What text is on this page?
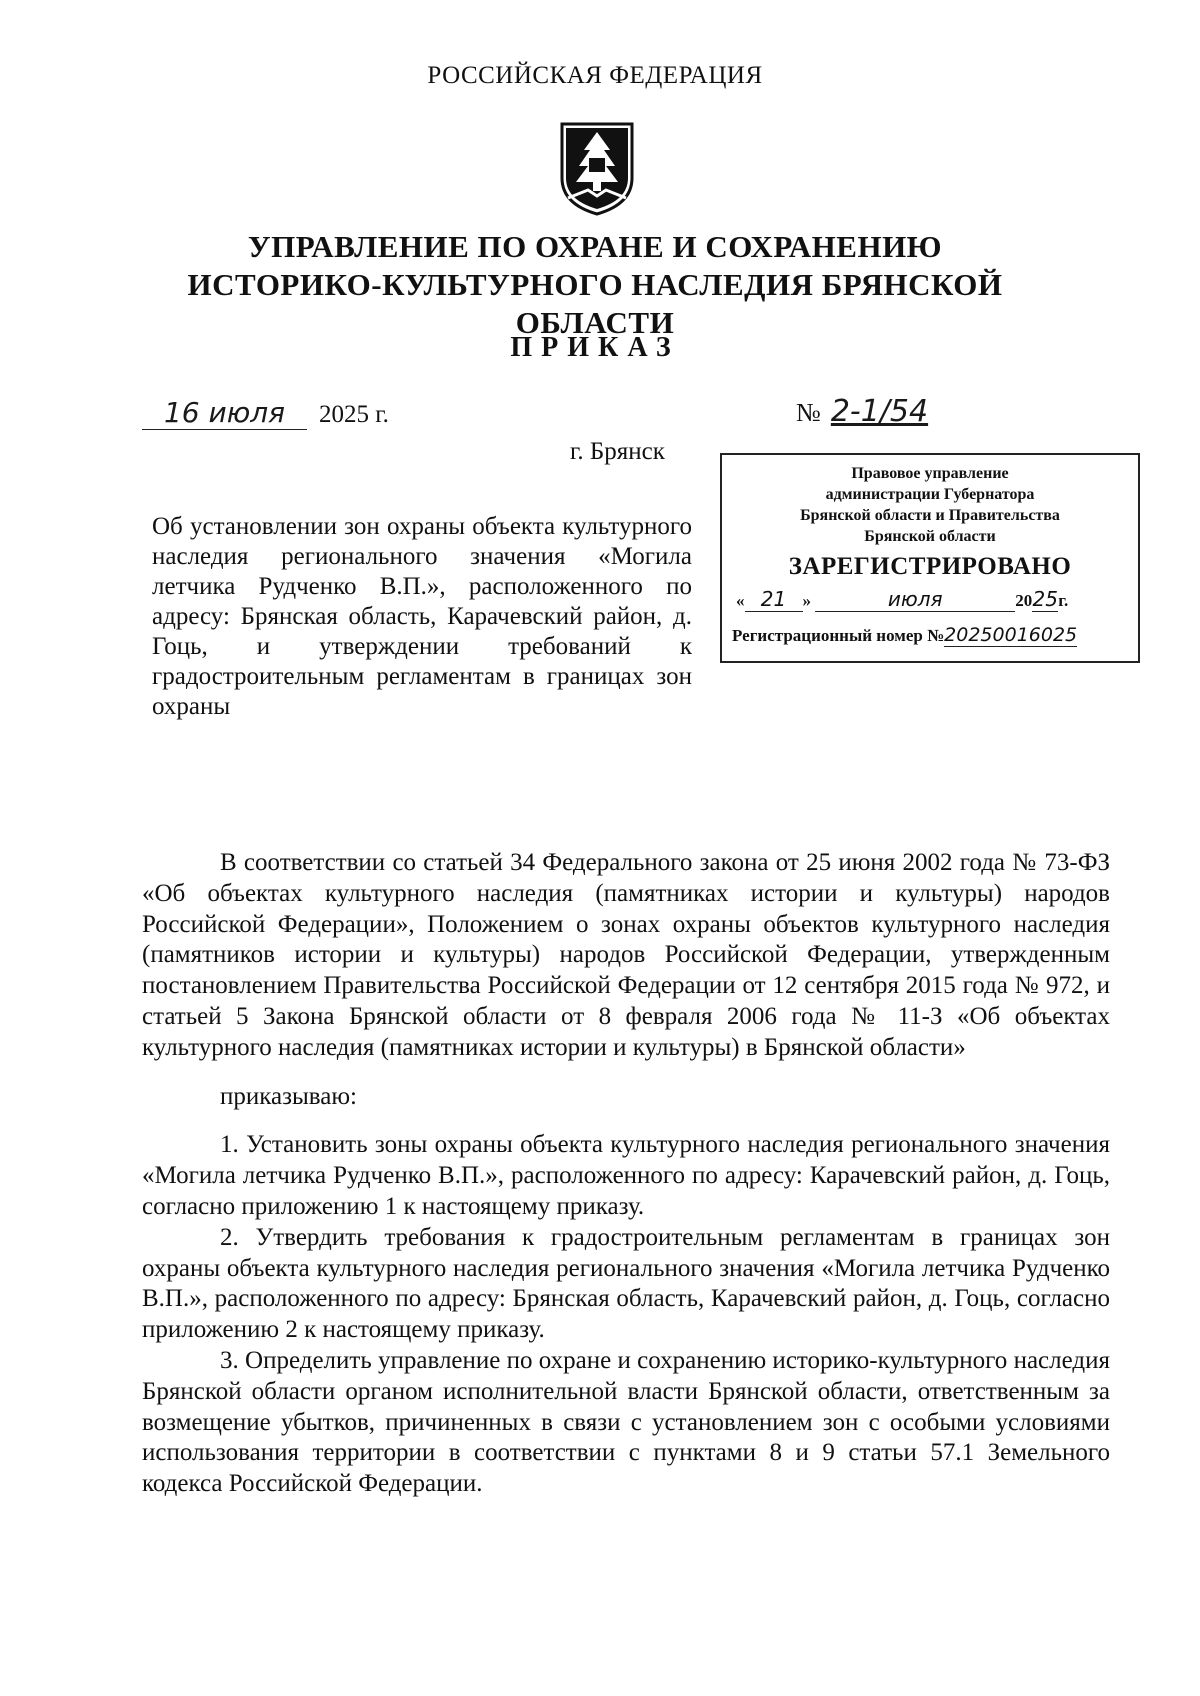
РОССИЙСКАЯ ФЕДЕРАЦИЯ
УПРАВЛЕНИЕ ПО ОХРАНЕ И СОХРАНЕНИЮ ИСТОРИКО-КУЛЬТУРНОГО НАСЛЕДИЯ БРЯНСКОЙ ОБЛАСТИ
ПРИКАЗ
16 июля 2025 г.	№ 2-1/54
г. Брянск
Об установлении зон охраны объекта культурного наследия регионального значения «Могила летчика Рудченко В.П.», расположенного по адресу: Брянская область, Карачевский район, д. Гоць, и утверждении требований к градостроительным регламентам в границах зон охраны
Правовое управление
администрации Губернатора
Брянской области и Правительства
Брянской области
ЗАРЕГИСТРИРОВАНО
« 21 »	июля	2025г.
Регистрационный номер №20250016025

В соответствии со статьей 34 Федерального закона от 25 июня 2002 года № 73-ФЗ «Об объектах культурного наследия (памятниках истории и культуры) народов Российской Федерации», Положением о зонах охраны объектов культурного наследия (памятников истории и культуры) народов Российской Федерации, утвержденным постановлением Правительства Российской Федерации от 12 сентября 2015 года № 972, и статьей 5 Закона Брянской области от 8 февраля 2006 года № 11-З «Об объектах культурного наследия (памятниках истории и культуры) в Брянской области»

приказываю:

1. Установить зоны охраны объекта культурного наследия регионального значения «Могила летчика Рудченко В.П.», расположенного по адресу: Карачевский район, д. Гоць, согласно приложению 1 к настоящему приказу.

2. Утвердить требования к градостроительным регламентам в границах зон охраны объекта культурного наследия регионального значения «Могила летчика Рудченко В.П.», расположенного по адресу: Брянская область, Карачевский район, д. Гоць, согласно приложению 2 к настоящему приказу.

3. Определить управление по охране и сохранению историко-культурного наследия Брянской области органом исполнительной власти Брянской области, ответственным за возмещение убытков, причиненных в связи с установлением зон с особыми условиями использования территории в соответствии с пунктами 8 и 9 статьи 57.1 Земельного кодекса Российской Федерации.
